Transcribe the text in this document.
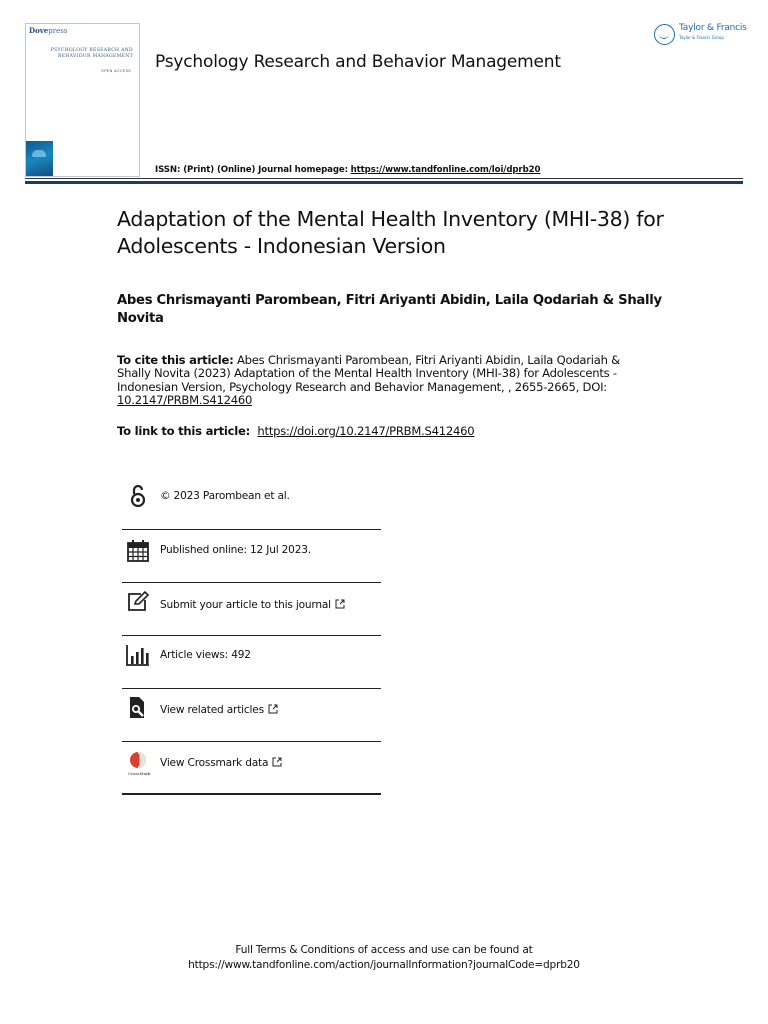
Dovepress
PSYCHOLOGY RESEARCH AND
BEHAVIOUR MANAGEMENT
OPEN ACCESS Psychology Research and Behavior Management
Taylor & Francis
Taylor & Francis Group
ISSN: (Print) (Online) Journal homepage: https://www.tandfonline.com/loi/dprb20
Adaptation of the Mental Health Inventory (MHI-38) for Adolescents - Indonesian Version
Abes Chrismayanti Parombean, Fitri Ariyanti Abidin, Laila Qodariah & Shally Novita
To cite this article: Abes Chrismayanti Parombean, Fitri Ariyanti Abidin, Laila Qodariah & Shally Novita (2023) Adaptation of the Mental Health Inventory (MHI-38) for Adolescents - Indonesian Version, Psychology Research and Behavior Management, , 2655-2665, DOI:
10.2147/PRBM.S412460
To link to this article: https://doi.org/10.2147/PRBM.S412460
© 2023 Parombean et al.
Published online: 12 Jul 2023.
Submit your article to this journal
Article views: 492
View related articles
CrossMark
View Crossmark data
Full Terms & Conditions of access and use can be found at
https://www.tandfonline.com/action/journalInformation?journalCode=dprb20
